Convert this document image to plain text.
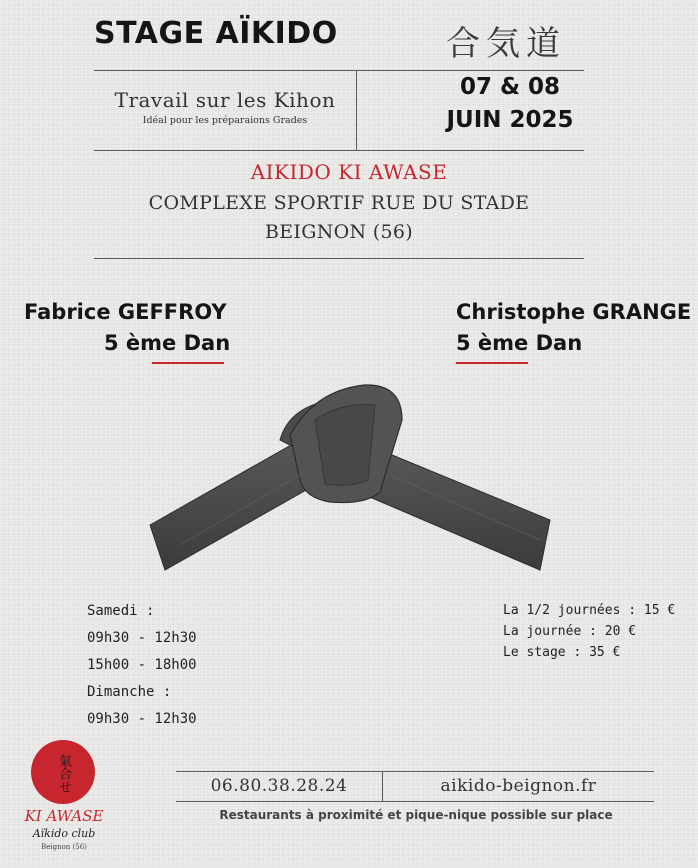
STAGE AÏKIDO	合気道
Travail sur les Kihon
Idéal pour les préparaions Grades
07 & 08
JUIN 2025
AIKIDO KI AWASE
COMPLEXE SPORTIF RUE DU STADE
BEIGNON (56)
Fabrice GEFFROY
5 ème Dan
Christophe GRANGE
5 ème Dan
Samedi :
09h30 - 12h30
15h00 - 18h00
Dimanche :
09h30 - 12h30
La 1/2 journées : 15 €
La journée : 20 €
Le stage : 35 €
氣合せ
KI AWASE
Aïkido club
Beignon (56)
06.80.38.28.24	aikido-beignon.fr
Restaurants à proximité et pique-nique possible sur place
